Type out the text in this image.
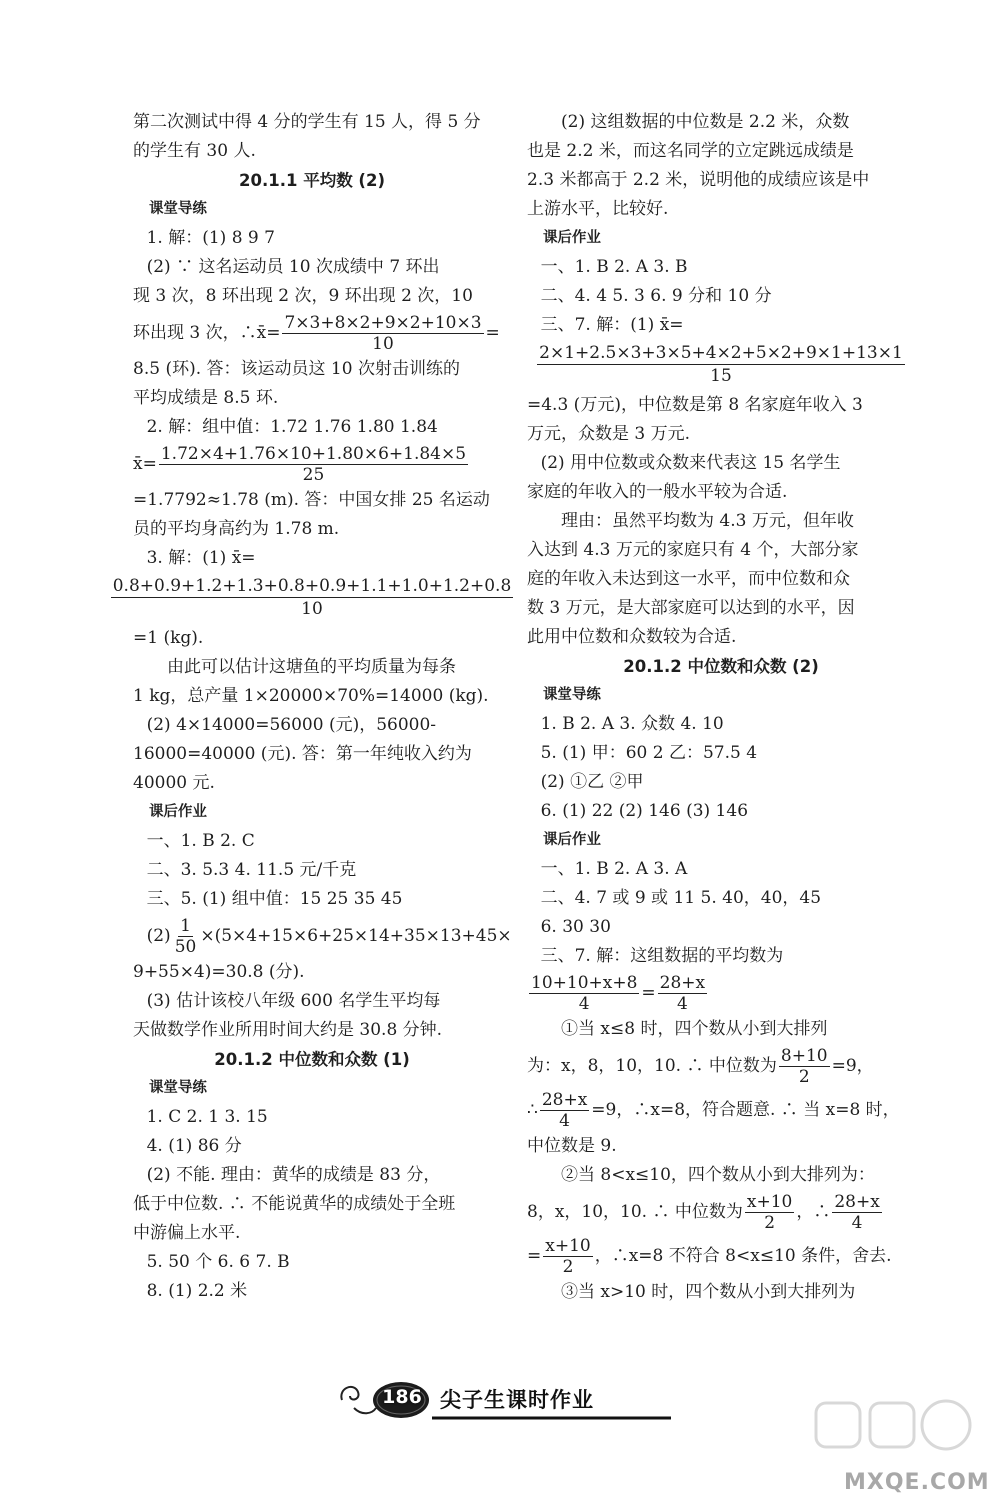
第二次测试中得 4 分的学生有 15 人，得 5 分

的学生有 30 人.

20.1.1 平均数 (2)

课堂导练

1. 解：(1) 8 9 7

(2) ∵ 这名运动员 10 次成绩中 7 环出

现 3 次，8 环出现 2 次，9 环出现 2 次，10

环出现 3 次，∴x̄= $\frac{7\times 3+8\times 2+9\times 2+10\times 3}{10}$ =

8.5 (环). 答：该运动员这 10 次射击训练的

平均成绩是 8.5 环.

2. 解：组中值：1.72 1.76 1.80 1.84

x̄= $\frac{1.72\times 4+1.76\times 10+1.80\times 6+1.84\times 5}{25}$

=1.7792≈1.78 (m). 答：中国女排 25 名运动

员的平均身高约为 1.78 m.

3. 解：(1) x̄=

0.8+0.9+1.2+1.3+0.8+0.9+1.1+1.0+1.2+0.8
10

=1 (kg).

由此可以估计这塘鱼的平均质量为每条

1 kg，总产量 1×20000×70%=14000 (kg).

(2) 4×14000=56000 (元)，56000-

16000=40000 (元). 答：第一年纯收入约为

40000 元.

课后作业

一、1. B 2. C

二、3. 5.3 4. 11.5 元/千克

三、5. (1) 组中值：15 25 35 45

$(2) \frac{1}{50} \times(5\times 4+15\times 6+25\times 14+35\times 13+45\times$

9+55×4)=30.8 (分).

(3) 估计该校八年级 600 名学生平均每

天做数学作业所用时间大约是 30.8 分钟.

20.1.2 中位数和众数 (1)

课堂导练

1. C 2. 1 3. 15

4. (1) 86 分

(2) 不能. 理由：黄华的成绩是 83 分，

低于中位数. ∴ 不能说黄华的成绩处于全班

中游偏上水平.

5. 50 个 6. 6 7. B

8. (1) 2.2 米

(2) 这组数据的中位数是 2.2 米，众数

也是 2.2 米，而这名同学的立定跳远成绩是

2.3 米都高于 2.2 米，说明他的成绩应该是中

上游水平，比较好.

课后作业

一、1. B 2. A 3. B

二、4. 4 5. 3 6. 9 分和 10 分

三、7. 解：(1) x̄=

2×1+2.5×3+3×5+4×2+5×2+9×1+13×1
15

=4.3 (万元)，中位数是第 8 名家庭年收入 3

万元，众数是 3 万元.

(2) 用中位数或众数来代表这 15 名学生

家庭的年收入的一般水平较为合适.

理由：虽然平均数为 4.3 万元，但年收

入达到 4.3 万元的家庭只有 4 个，大部分家

庭的年收入未达到这一水平，而中位数和众

数 3 万元，是大部家庭可以达到的水平，因

此用中位数和众数较为合适.

20.1.2 中位数和众数 (2)

课堂导练

1. B 2. A 3. 众数 4. 10

5. (1) 甲：60 2 乙：57.5 4

(2) ①乙 ②甲

6. (1) 22 (2) 146 (3) 146

课后作业

一、1. B 2. A 3. A

二、4. 7 或 9 或 11 5. 40，40，45

6. 30 30

三、7. 解：这组数据的平均数为

$\frac{10+10+x+8}{4} = \frac{28+x}{4}$

①当 x≤8 时，四个数从小到大排列

为：x，8，10，10. ∴ 中位数为 $\frac{8+10}{2} =9$，

∴ $\frac{28+x}{4} =9$，∴x=8，符合题意. ∴ 当 x=8 时，

中位数是 9.

②当 8<x≤10，四个数从小到大排列为：

8，x，10，10. ∴ 中位数为 $\frac{x+10}{2}$ ，∴ $\frac{28+x}{4}$

= $\frac{x+10}{2}$ ，∴x=8 不符合 8<x≤10 条件，舍去.

③当 x>10 时，四个数从小到大排列为

186 尖子生课时作业
MXQE.COM
